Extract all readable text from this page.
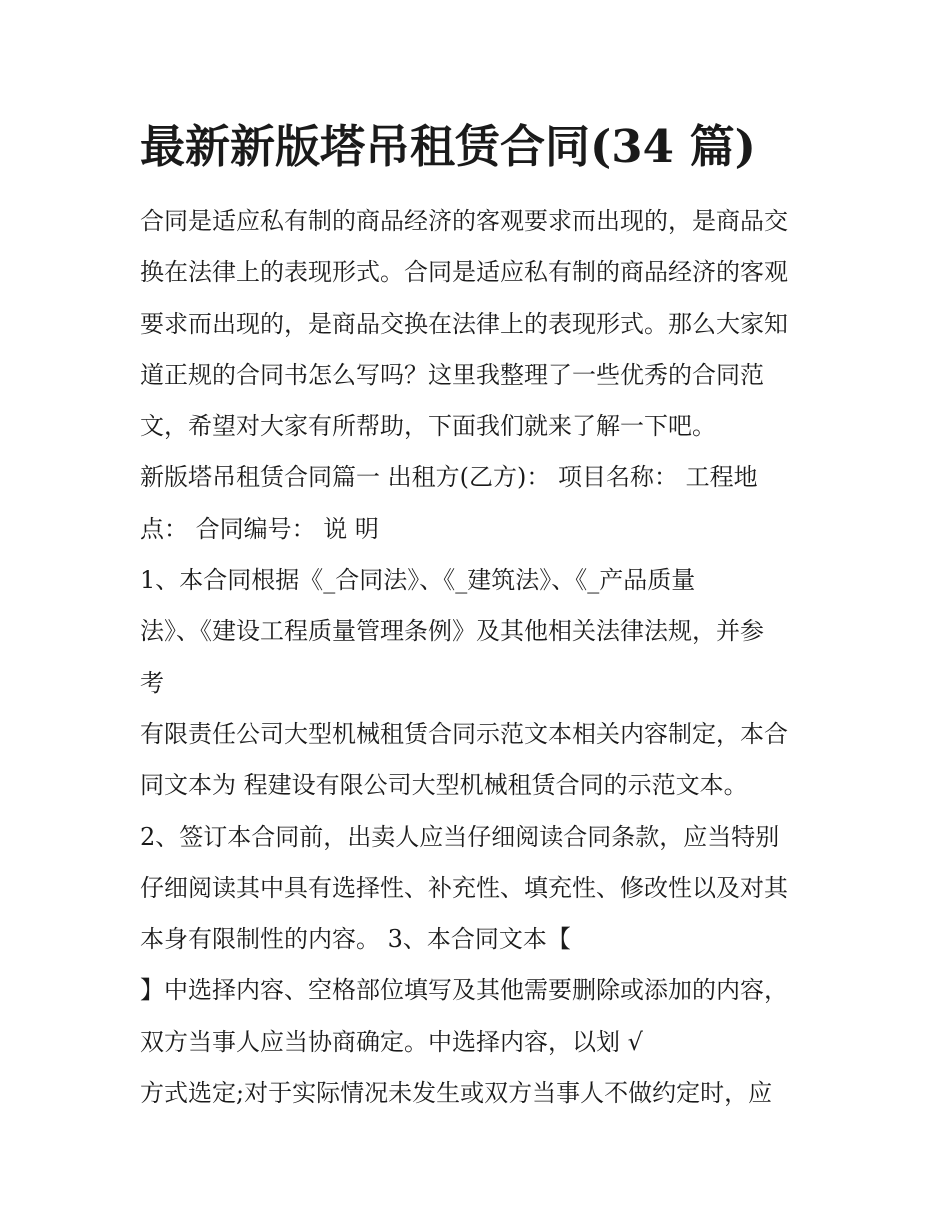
最新新版塔吊租赁合同(34 篇)

合同是适应私有制的商品经济的客观要求而出现的，是商品交

换在法律上的表现形式。合同是适应私有制的商品经济的客观

要求而出现的，是商品交换在法律上的表现形式。那么大家知

道正规的合同书怎么写吗？这里我整理了一些优秀的合同范

文，希望对大家有所帮助，下面我们就来了解一下吧。

新版塔吊租赁合同篇一 出租方(乙方)： 项目名称： 工程地

点： 合同编号： 说 明

1、本合同根据《_合同法》、《_建筑法》、《_产品质量

法》、《建设工程质量管理条例》及其他相关法律法规，并参

考

有限责任公司大型机械租赁合同示范文本相关内容制定，本合

同文本为 程建设有限公司大型机械租赁合同的示范文本。

2、签订本合同前，出卖人应当仔细阅读合同条款，应当特别

仔细阅读其中具有选择性、补充性、填充性、修改性以及对其

本身有限制性的内容。 3、本合同文本【

】中选择内容、空格部位填写及其他需要删除或添加的内容，

双方当事人应当协商确定。中选择内容，以划 √

方式选定;对于实际情况未发生或双方当事人不做约定时，应
